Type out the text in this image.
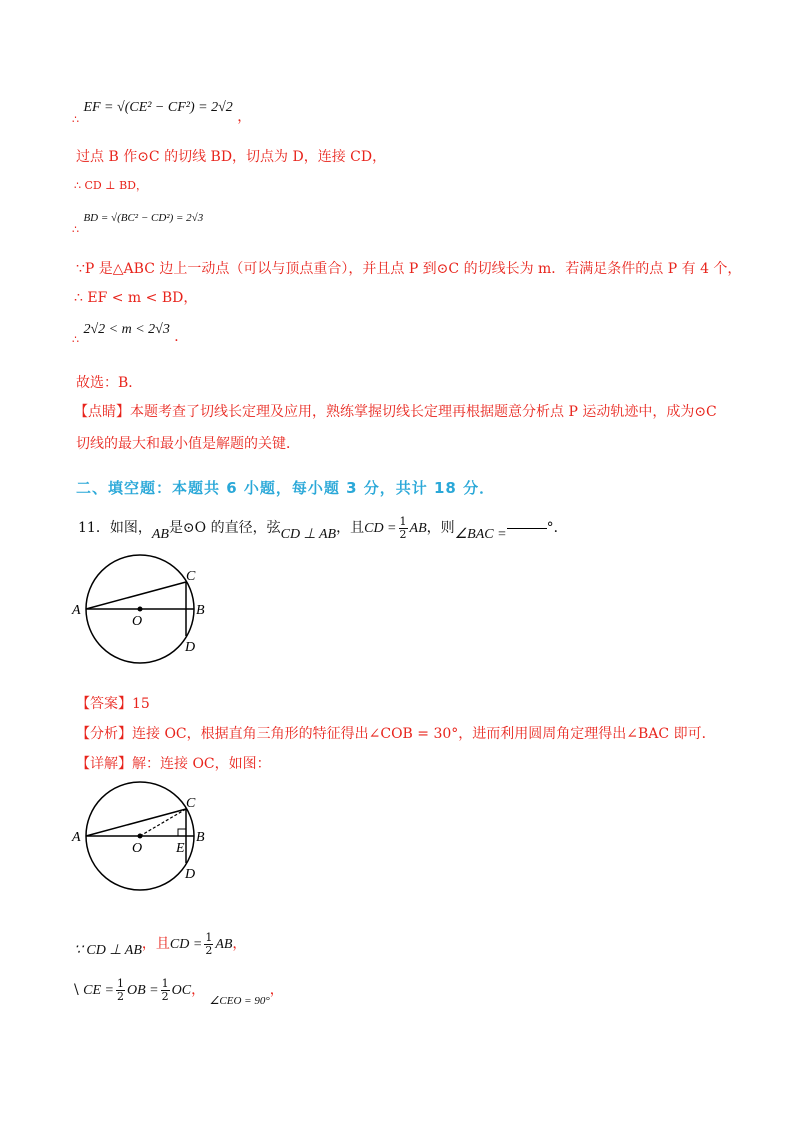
$_\therefore$ EF = √(CE² − CF²) = 2√2 ，
过点 B 作⊙C 的切线 BD，切点为 D，连接 CD，
∴ CD ⊥ BD，
$_\therefore$ BD = √(BC² − CD²) = 2√3
∵P 是△ABC 边上一动点（可以与顶点重合），并且点 P 到⊙C 的切线长为 m．若满足条件的点 P 有 4 个，
∴ EF < m < BD，
$_\therefore$ 2√2 < m < 2√3 ．
故选：B．
【点睛】本题考查了切线长定理及应用，熟练掌握切线长定理再根据题意分析点 P 运动轨迹中，成为⊙C
切线的最大和最小值是解题的关键．
二、填空题：本题共 6 小题，每小题 3 分，共计 18 分．
11．如图，AB是⊙O 的直径，弦CD ⊥ AB，且CD = $\frac{1}{2}$ AB，则∠BAC =	°．
A	B
C
D
O
【答案】15
【分析】连接 OC，根据直角三角形的特征得出∠COB = 30°，进而利用圆周角定理得出∠BAC 即可．
【详解】解：连接 OC，如图：
A	B
C
D
O E
∵ CD ⊥ AB，且CD = $\frac{1}{2}$ AB，
\ CE = $\frac{1}{2}$ OB = $\frac{1}{2}$ OC， $_{\angle CEO = 90^\circ}$，
